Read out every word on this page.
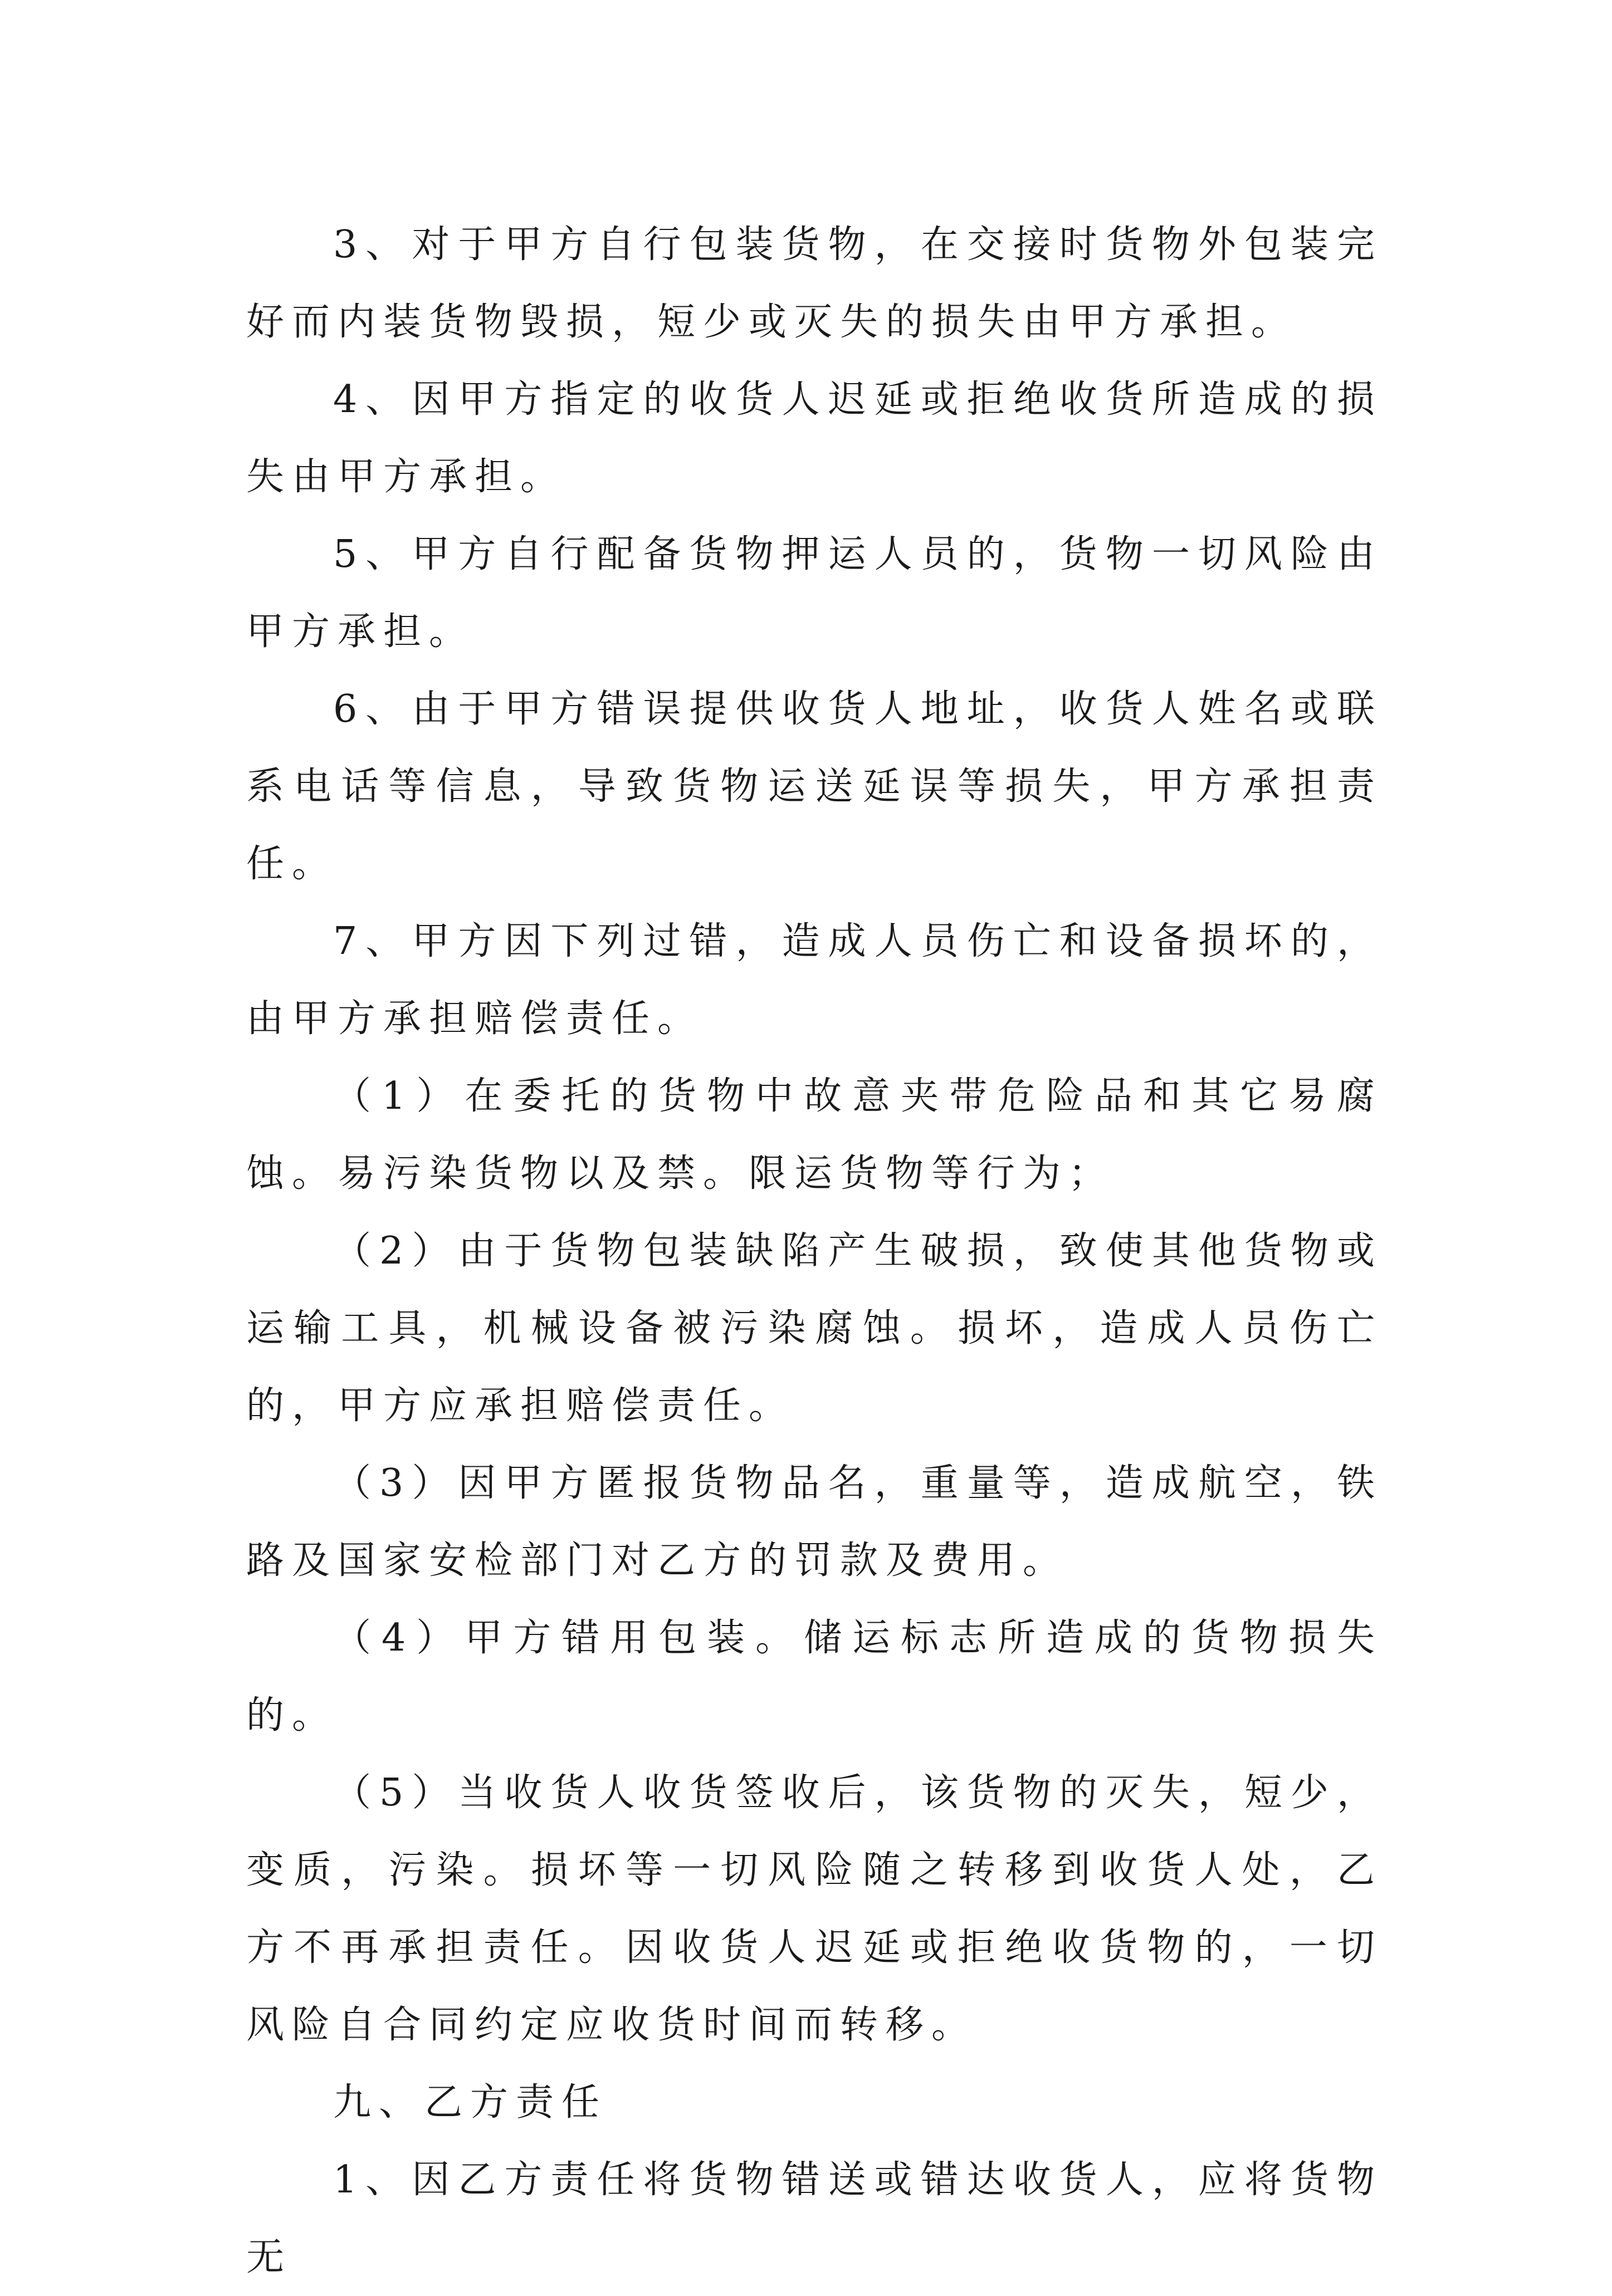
3、对于甲方自行包装货物，在交接时货物外包装完好而内装货物毁损，短少或灭失的损失由甲方承担。

4、因甲方指定的收货人迟延或拒绝收货所造成的损失由甲方承担。

5、甲方自行配备货物押运人员的，货物一切风险由甲方承担。

6、由于甲方错误提供收货人地址，收货人姓名或联系电话等信息，导致货物运送延误等损失，甲方承担责任。

7、甲方因下列过错，造成人员伤亡和设备损坏的，由甲方承担赔偿责任。

（1）在委托的货物中故意夹带危险品和其它易腐蚀。易污染货物以及禁。限运货物等行为；

（2）由于货物包装缺陷产生破损，致使其他货物或运输工具，机械设备被污染腐蚀。损坏，造成人员伤亡的，甲方应承担赔偿责任。

（3）因甲方匿报货物品名，重量等，造成航空，铁路及国家安检部门对乙方的罚款及费用。

（4）甲方错用包装。储运标志所造成的货物损失的。

（5）当收货人收货签收后，该货物的灭失，短少，变质，污染。损坏等一切风险随之转移到收货人处，乙方不再承担责任。因收货人迟延或拒绝收货物的，一切风险自合同约定应收货时间而转移。

九、乙方责任

1、因乙方责任将货物错送或错达收货人，应将货物无
